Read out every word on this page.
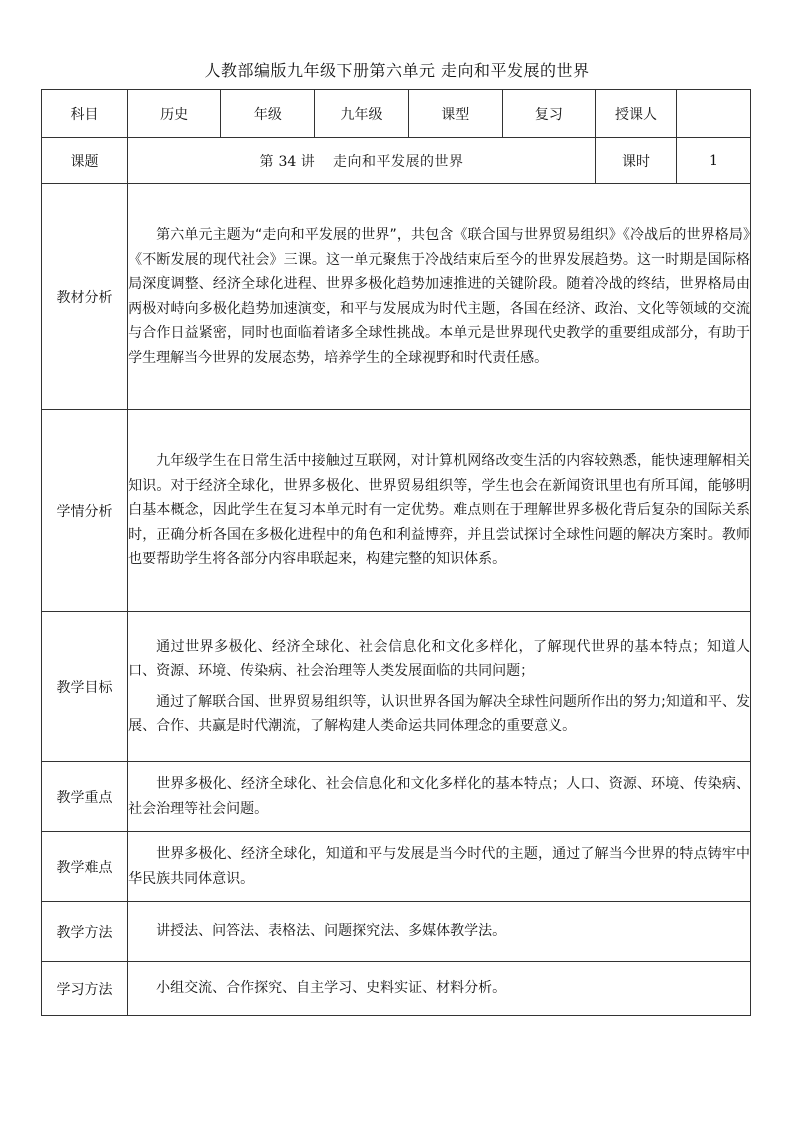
人教部编版九年级下册第六单元 走向和平发展的世界
科目	历史	年级	九年级	课型	复习	授课人	
课题	第 34 讲 走向和平发展的世界					课时	1
教材分析	第六单元主题为“走向和平发展的世界”，共包含《联合国与世界贸易组织》《冷战后的世界格局》《不断发展的现代社会》三课。这一单元聚焦于冷战结束后至今的世界发展趋势。这一时期是国际格局深度调整、经济全球化进程、世界多极化趋势加速推进的关键阶段。随着冷战的终结，世界格局由两极对峙向多极化趋势加速演变，和平与发展成为时代主题，各国在经济、政治、文化等领域的交流与合作日益紧密，同时也面临着诸多全球性挑战。本单元是世界现代史教学的重要组成部分，有助于学生理解当今世界的发展态势，培养学生的全球视野和时代责任感。						

学情分析	九年级学生在日常生活中接触过互联网，对计算机网络改变生活的内容较熟悉，能快速理解相关知识。对于经济全球化，世界多极化、世界贸易组织等，学生也会在新闻资讯里也有所耳闻，能够明白基本概念，因此学生在复习本单元时有一定优势。难点则在于理解世界多极化背后复杂的国际关系时，正确分析各国在多极化进程中的角色和利益博弈，并且尝试探讨全球性问题的解决方案时。教师也要帮助学生将各部分内容串联起来，构建完整的知识体系。						

教学目标	通过世界多极化、经济全球化、社会信息化和文化多样化，了解现代世界的基本特点；知道人口、资源、环境、传染病、社会治理等人类发展面临的共同问题；

通过了解联合国、世界贸易组织等，认识世界各国为解决全球性问题所作出的努力;知道和平、发展、合作、共赢是时代潮流，了解构建人类命运共同体理念的重要意义。						

教学重点	世界多极化、经济全球化、社会信息化和文化多样化的基本特点；人口、资源、环境、传染病、社会治理等社会问题。						

教学难点	世界多极化、经济全球化，知道和平与发展是当今时代的主题，通过了解当今世界的特点铸牢中华民族共同体意识。						

教学方法	讲授法、问答法、表格法、问题探究法、多媒体教学法。						

学习方法	小组交流、合作探究、自主学习、史料实证、材料分析。						
